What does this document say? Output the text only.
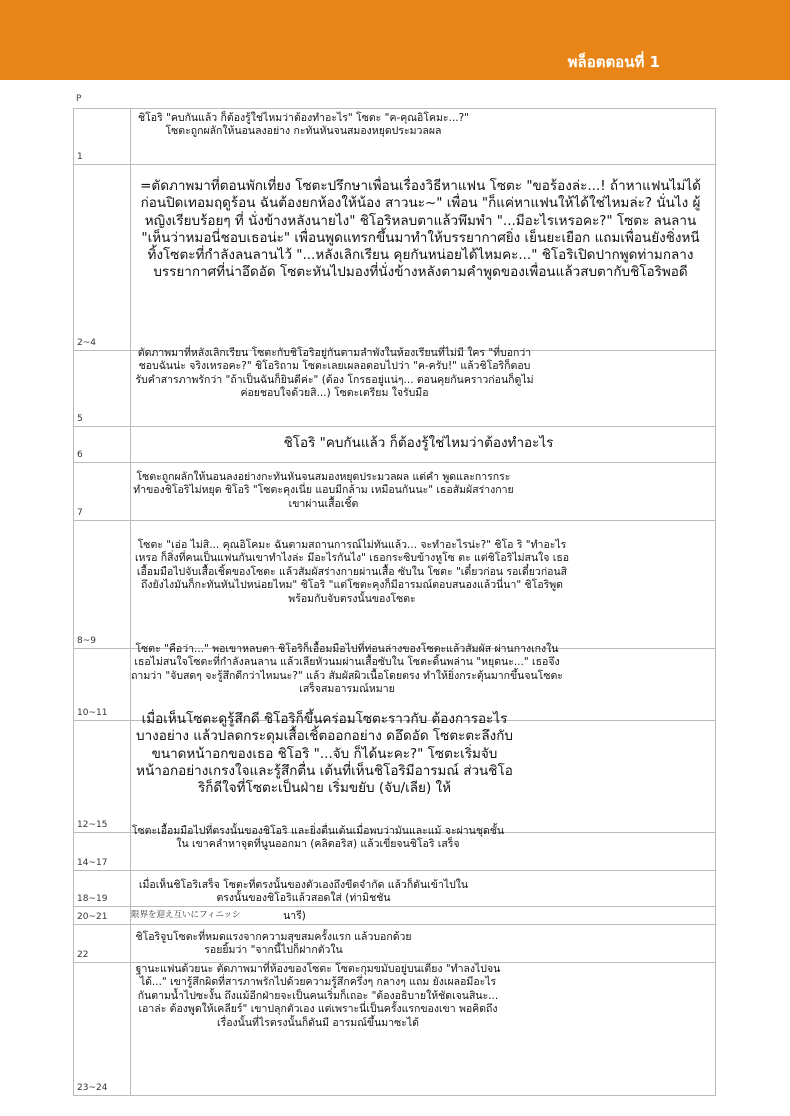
พล็อตตอนที่ 1
P
1
ชิโอริ "คบกันแล้ว ก็ต้องรู้ใช่ไหมว่าต้องทำอะไร" โซตะ "ค-คุณอิโคมะ...?" โซตะถูกผลักให้นอนลงอย่าง กะทันหันจนสมองหยุดประมวลผล
2~4
=ตัดภาพมาที่ตอนพักเที่ยง โซตะปรึกษาเพื่อนเรื่องวิธีหาแฟน โซตะ "ขอร้องล่ะ...! ถ้าหาแฟนไม่ได้ก่อนปิดเทอมฤดูร้อน ฉันต้องยกห้องให้น้อง สาวนะ~" เพื่อน "ก็แค่หาแฟนให้ได้ใช่ไหมล่ะ? นั่นไง ผู้หญิงเรียบร้อยๆ ที่ นั่งข้างหลังนายไง" ชิโอริหลบตาแล้วพึมพำ "...มีอะไรเหรอคะ?" โซตะ ลนลาน "เห็นว่าหมอนี่ชอบเธอน่ะ" เพื่อนพูดแทรกขึ้นมาทำให้บรรยากาศยิ่ง เย็นยะเยือก แถมเพื่อนยังชิ่งหนีทิ้งโซตะที่กำลังลนลานไว้ "...หลังเลิกเรียน คุยกันหน่อยได้ไหมคะ..." ชิโอริเปิดปากพูดท่ามกลางบรรยากาศที่น่าอึดอัด โซตะหันไปมองที่นั่งข้างหลังตามคำพูดของเพื่อนแล้วสบตากับชิโอริพอดี
5
ตัดภาพมาที่หลังเลิกเรียน โซตะกับชิโอริอยู่กันตามลำพังในห้องเรียนที่ไม่มี ใคร "ที่บอกว่าชอบฉันน่ะ จริงเหรอคะ?" ชิโอริถาม โซตะเลยเผลอตอบไปว่า "ค-ครับ!" แล้วชิโอริก็ตอบรับคำสารภาพรักว่า "ถ้าเป็นฉันก็ยินดีค่ะ" (ต้อง โกรธอยู่แน่ๆ... ตอนคุยกันคราวก่อนก็ดูไม่ค่อยชอบใจด้วยสิ...) โซตะเตรียม ใจรับมือ
6
ชิโอริ "คบกันแล้ว ก็ต้องรู้ใช่ไหมว่าต้องทำอะไร
7
โซตะถูกผลักให้นอนลงอย่างกะทันหันจนสมองหยุดประมวลผล แต่คำ พูดและการกระทำของชิโอริไม่หยุด ชิโอริ "โซตะคุงเนี่ย แอบมีกล้าม เหมือนกันนะ" เธอสัมผัสร่างกายเขาผ่านเสื้อเชิ้ต
8~9
โซตะ "เอ่อ ไม่สิ... คุณอิโคมะ ฉันตามสถานการณ์ไม่ทันแล้ว... จะทำอะไรน่ะ?" ชิโอ ริ "ทำอะไรเหรอ ก็สิ่งที่คนเป็นแฟนกันเขาทำไงล่ะ มีอะไรกันไง" เธอกระซิบข้างหูโซ ตะ แต่ชิโอริไม่สนใจ เธอเอื้อมมือไปจับเสื้อเชิ้ตของโซตะ แล้วสัมผัสร่างกายผ่านเสื้อ ซับใน โซตะ "เดี๋ยวก่อน รอเดี๋ยวก่อนสิ ถึงยังไงมันก็กะทันหันไปหน่อยไหม" ชิโอริ "แต่โซตะคุงก็มีอารมณ์ตอบสนองแล้วนี่นา" ชิโอริพูดพร้อมกับจับตรงนั้นของโซตะ
10~11
โซตะ "คือว่า..." พอเขาหลบตา ชิโอริก็เอื้อมมือไปที่ท่อนล่างของโซตะแล้วสัมผัส ผ่านกางเกงใน เธอไม่สนใจโซตะที่กำลังลนลาน แล้วเลียหัวนมผ่านเสื้อซับใน โซตะดิ้นพล่าน "หยุดนะ..." เธอจึงถามว่า "จับสดๆ จะรู้สึกดีกว่าไหมนะ?" แล้ว สัมผัสผิวเนื้อโดยตรง ทำให้ยิ่งกระตุ้นมากขึ้นจนโซตะเสร็จสมอารมณ์หมาย
12~15
เมื่อเห็นโซตะดูรู้สึกดี ชิโอริก็ขึ้นคร่อมโซตะราวกับ ต้องการอะไรบางอย่าง แล้วปลดกระดุมเสื้อเชิ้ตออกอย่าง ดอึดอัด โซตะตะลึงกับขนาดหน้าอกของเธอ ชิโอริ "...จับ ก็ได้นะคะ?" โซตะเริ่มจับหน้าอกอย่างเกรงใจและรู้สึกตื่น เต้นที่เห็นชิโอริมีอารมณ์ ส่วนชิโอริก็ดีใจที่โซตะเป็นฝ่าย เริ่มขยับ (จับ/เลีย) ให้
14~17
โซตะเอื้อมมือไปที่ตรงนั้นของชิโอริ และยิ่งตื่นเต้นเมื่อพบว่ามันและแม้ จะผ่านชุดชั้นใน เขาคลำหาจุดที่นูนออกมา (คลิตอริส) แล้วเขี่ยจนชิโอริ เสร็จ
18~19
เมื่อเห็นชิโอริเสร็จ โซตะที่ตรงนั้นของตัวเองถึงขีดจำกัด แล้วก็ดันเข้าไปในตรงนั้นของชิโอริแล้วสอดใส่ (ท่ามิชชัน
20~21	限界を迎え互いにフィニッシ	นารี)
22
ชิโอริจูบโซตะที่หมดแรงจากความสุขสมครั้งแรก แล้วบอกด้วยรอยยิ้มว่า "จากนี้ไปก็ฝากตัวใน
23~24
ฐานะแฟนด้วยนะ ตัดภาพมาที่ห้องของโซตะ โซตะกุมขมับอยู่บนเตียง "ทำลงไปจน ได้..." เขารู้สึกผิดที่สารภาพรักไปด้วยความรู้สึกครึ่งๆ กลางๆ แถม ยังเผลอมีอะไรกันตามน้ำไปซะงั้น ถึงแม้อีกฝ่ายจะเป็นคนเริ่มก็เถอะ "ต้องอธิบายให้ชัดเจนสินะ... เอาล่ะ ต้องพูดให้เคลียร์" เขาปลุกตัวเอง แต่เพราะนี่เป็นครั้งแรกของเขา พอคิดถึงเรื่องนั้นที่ไรตรงนั้นก็ดันมี อารมณ์ขึ้นมาซะได้
